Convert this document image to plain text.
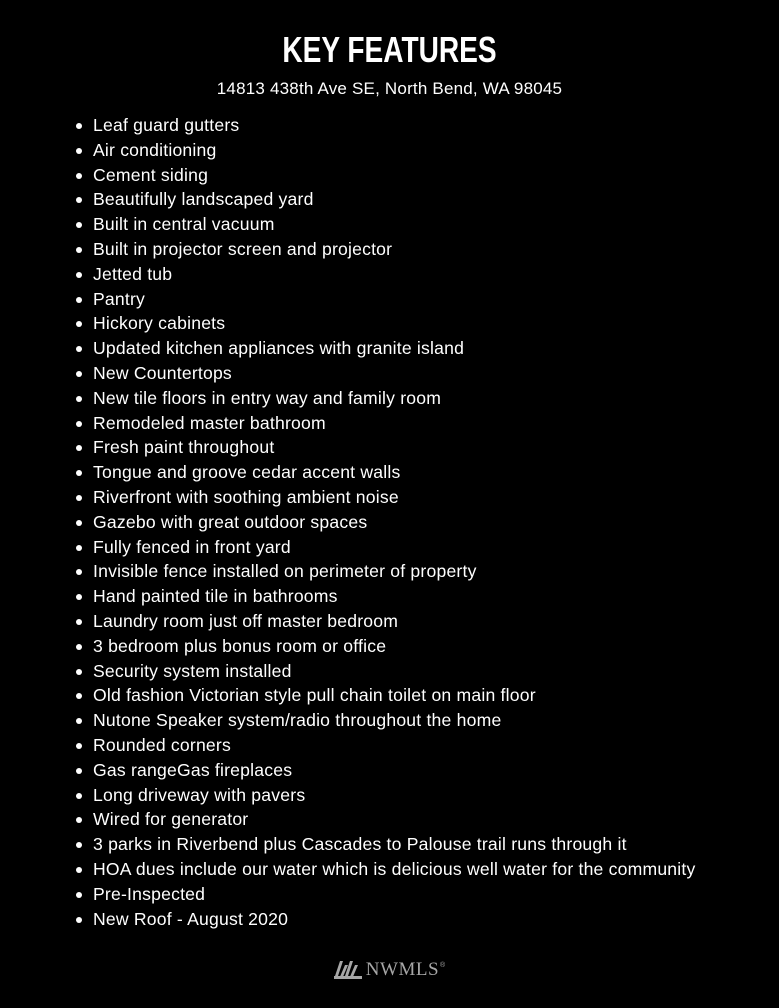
KEY FEATURES
14813 438th Ave SE, North Bend, WA 98045
Leaf guard gutters
Air conditioning
Cement siding
Beautifully landscaped yard
Built in central vacuum
Built in projector screen and projector
Jetted tub
Pantry
Hickory cabinets
Updated kitchen appliances with granite island
New Countertops
New tile floors in entry way and family room
Remodeled master bathroom
Fresh paint throughout
Tongue and groove cedar accent walls
Riverfront with soothing ambient noise
Gazebo with great outdoor spaces
Fully fenced in front yard
Invisible fence installed on perimeter of property
Hand painted tile in bathrooms
Laundry room just off master bedroom
3 bedroom plus bonus room or office
Security system installed
Old fashion Victorian style pull chain toilet on main floor
Nutone Speaker system/radio throughout the home
Rounded corners
Gas rangeGas fireplaces
Long driveway with pavers
Wired for generator
3 parks in Riverbend plus Cascades to Palouse trail runs through it
HOA dues include our water which is delicious well water for the community
Pre-Inspected
New Roof - August 2020
NWMLS ®
